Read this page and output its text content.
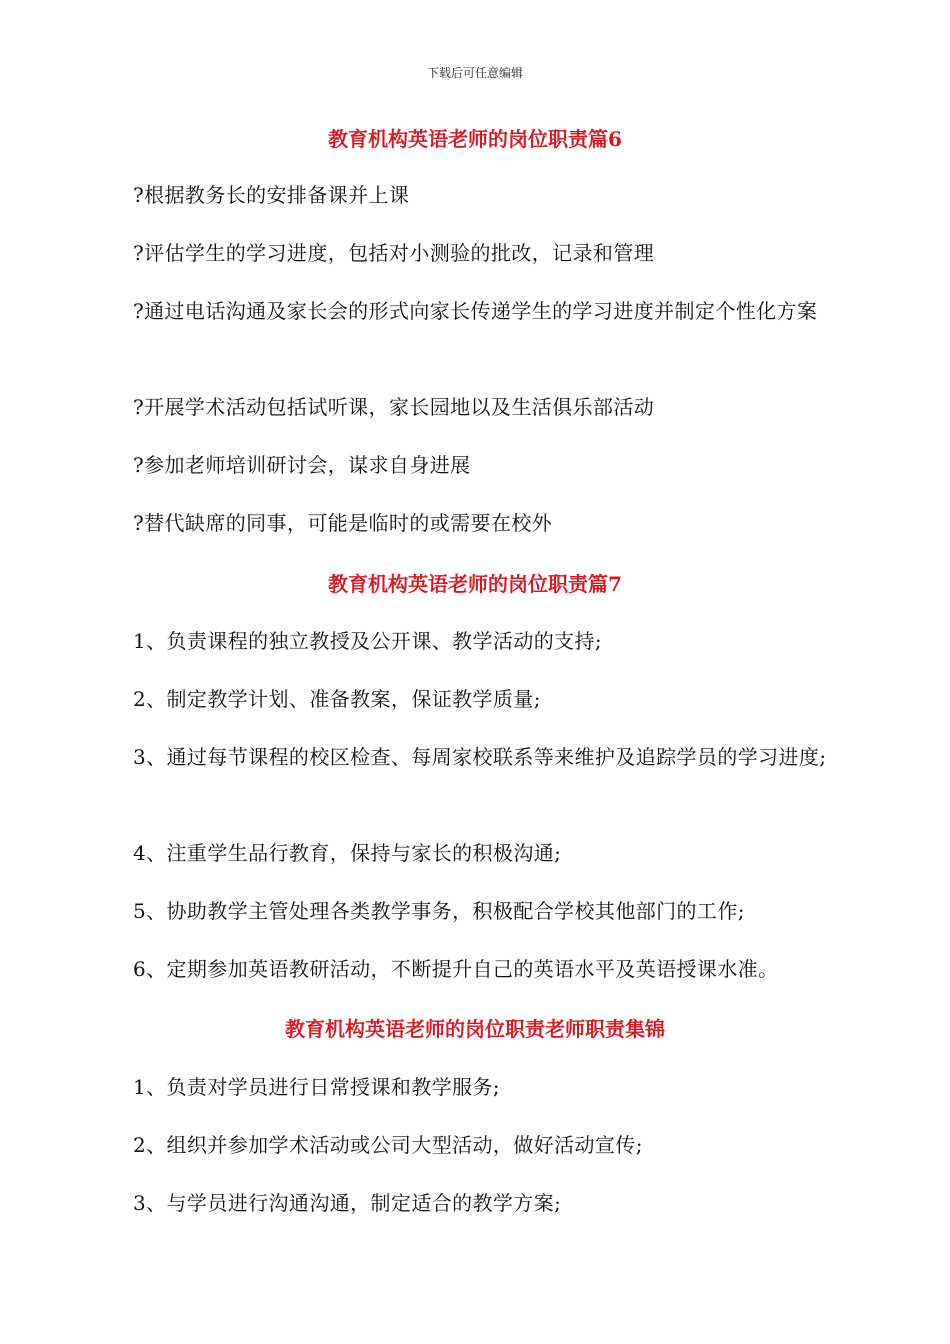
下载后可任意编辑
教育机构英语老师的岗位职责篇6
?根据教务长的安排备课并上课
?评估学生的学习进度，包括对小测验的批改，记录和管理
?通过电话沟通及家长会的形式向家长传递学生的学习进度并制定个性化方案
?开展学术活动包括试听课，家长园地以及生活俱乐部活动
?参加老师培训研讨会，谋求自身进展
?替代缺席的同事，可能是临时的或需要在校外
教育机构英语老师的岗位职责篇7
1、负责课程的独立教授及公开课、教学活动的支持;
2、制定教学计划、准备教案，保证教学质量;
3、通过每节课程的校区检查、每周家校联系等来维护及追踪学员的学习进度;
4、注重学生品行教育，保持与家长的积极沟通;
5、协助教学主管处理各类教学事务，积极配合学校其他部门的工作;
6、定期参加英语教研活动，不断提升自己的英语水平及英语授课水准。
教育机构英语老师的岗位职责老师职责集锦
1、负责对学员进行日常授课和教学服务;
2、组织并参加学术活动或公司大型活动，做好活动宣传;
3、与学员进行沟通沟通，制定适合的教学方案;
